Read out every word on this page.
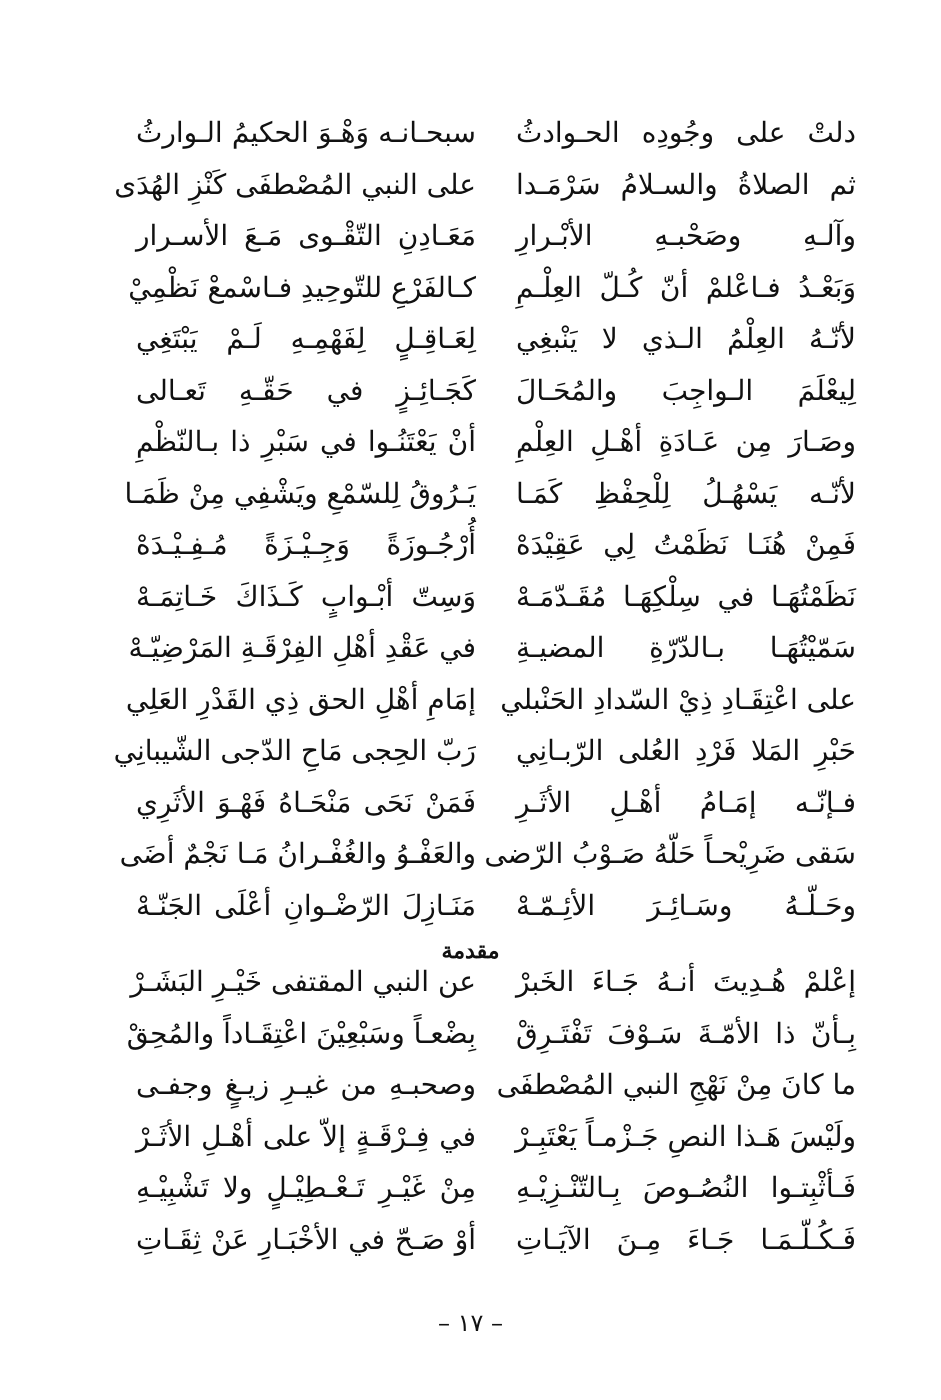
دلتْ على وجُودِه الحـوادثُ
سبحـانـه وَهْـوَ الحكيمُ الـوارثُ
ثم الصلاةُ والسـلامُ سَرْمَـدا
على النبي المُصْطفَى كَنْزِ الهُدَى
وآلـهِ وصَحْبـهِ الأبْـرارِ
مَعَـادِنِ التّقْـوى مَـعَ الأسـرار
وَبَعْـدُ فـاعْلمْ أنّ كُـلّ العِلْـمِ
كـالفَرْعِ للتّوحِيدِ فـاسْمعْ نَظْمِيْ
لأنّـهُ العِلْمُ الـذي لا يَنْبغِي
لِعَـاقِـلٍ لِفَهْمِـهِ لَـمْ يَبْتَغِي
لِيعْلَمَ الـواجِبَ والمُحَـالَ
كَجَـائِـزٍ في حَقّـهِ تَعـالى
وصَـارَ مِن عَـادَةِ أهْـلِ العِلْمِ
أنْ يَعْتَنُـوا في سَبْرِ ذا بـالنّظْمِ
لأنّـه يَسْهُـلُ لِلْحِفْظِ كَمَـا
يَـرُوقُ لِلسّمْعِ ويَشْفِي مِنْ ظَمَـا
فَمِنْ هُنَـا نَظَمْتُ لِي عَقِيْدَهْ
أُرْجُـوزَةً وَجِـيْـزَةً مُـفِـيْـدَهْ
نَظَمْتُهَـا في سِلْكِهَـا مُقَـدّمَـهْ
وَسِتّ أبْـوابٍ كَـذَاكَ خَـاتِمَـهْ
سَمّيْتُهَـا بـالدّرّةِ المضيـةِ
في عَقْدِ أهْلِ الفِرْقَـةِ المَرْضِيّـهْ
على اعْتِقَـادِ ذِيْ السّدادِ الحَنْبلي
إمَامِ أهْلِ الحق ذِي القَدْرِ العَلِي
حَبْرِ المَلا فَرْدِ العُلى الرّبـانِي
رَبّ الحِجى مَاحِ الدّجى الشّيبانِي
فـإنّـه إمَـامُ أهْـلِ الأثَـرِ
فَمَنْ نَحَى مَنْحَـاهُ فَهْـوَ الأثَرِي
سَقى ضَرِيْحـاً حَلّهُ صَـوْبُ الرّضى
والعَفْـوُ والغُفْـرانُ مَـا نَجْمٌ أضَى
وحَـلّـهُ وسَـائِـرَ الأئِـمّـهْ
مَنَـازِلَ الرّضْـوانِ أعْلَى الجَنّـهْ
مقدمة
إعْلمْ هُـدِيتَ أنـهُ جَـاءَ الخَبرْ
عن النبي المقتفى خَيْـرِ البَشَـرْ
بِـأنّ ذا الأمّـةَ سَـوْفَ تَفْتَـرِقْ
بِضْعـاً وسَبْعِيْنَ اعْتِقَـاداً والمُحِقْ
ما كانَ مِنْ نَهْجِ النبي المُصْطفَى
وصحبـهِ من غيـرِ زيـغٍ وجفـى
ولَيْسَ هَـذا النصِ جَـزْمـاً يَعْتَبِـرْ
في فِـرْقَـةٍ إلاّ على أهْـلِ الأثَـرْ
فَـأثْبِتـوا النُصُـوصَ بِـالتّنْـزِيْـهِ
مِنْ غَيْـرِ تَـعْـطِيْـلٍ ولا تَشْبِيْـهِ
فَـكُـلّـمَـا جَـاءَ مِـنَ الآيَـاتِ
أوْ صَـحّ في الأخْبَـارِ عَنْ ثِقَـاتِ
– ١٧ –
